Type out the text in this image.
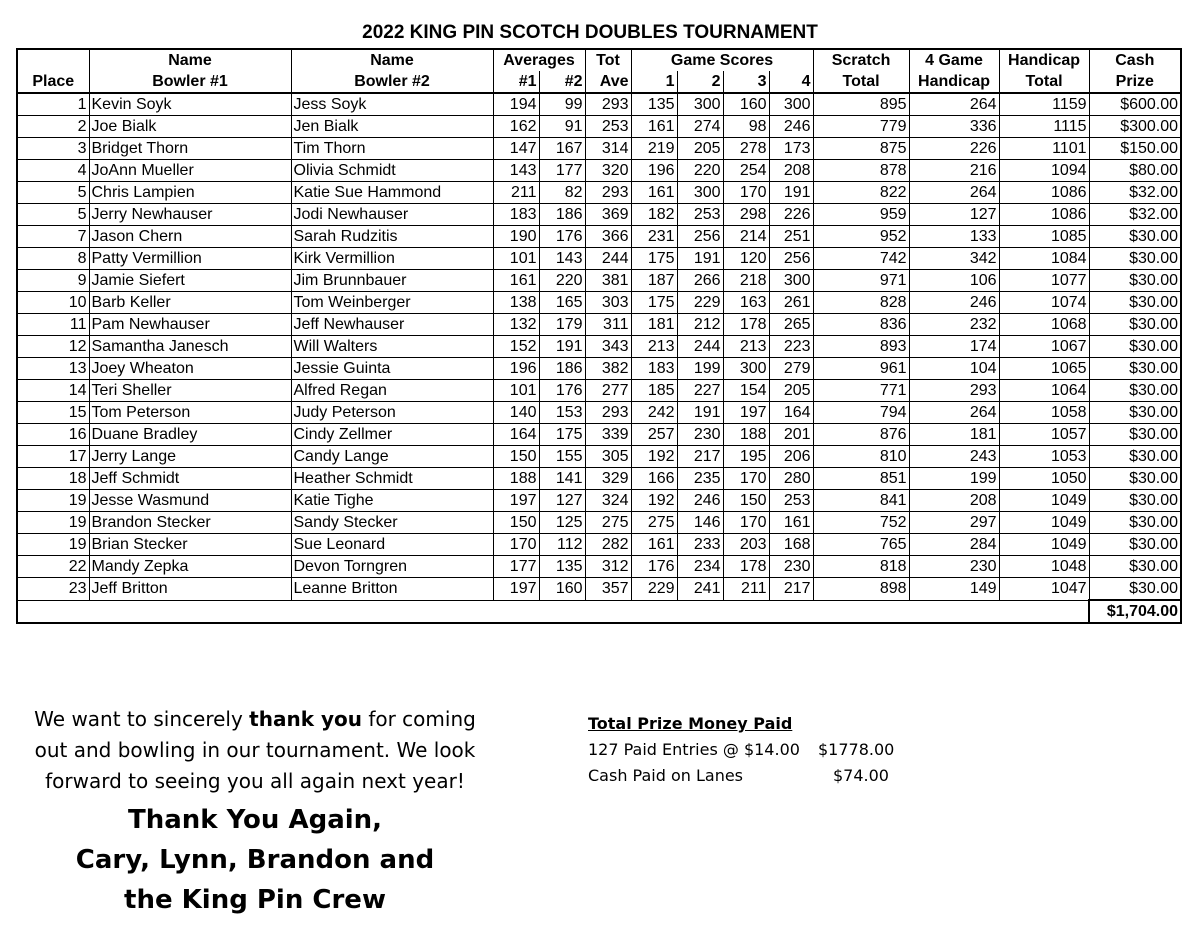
2022 KING PIN SCOTCH DOUBLES TOURNAMENT
	Name	Name	Averages		Tot	Game Scores				Scratch	4 Game	Handicap	Cash
Place	Bowler #1	Bowler #2	#1	#2	Ave	1	2	3	4	Total	Handicap	Total	Prize
1	Kevin Soyk	Jess Soyk	194	99	293	135	300	160	300	895	264	1159	$600.00
2	Joe Bialk	Jen Bialk	162	91	253	161	274	98	246	779	336	1115	$300.00
3	Bridget Thorn	Tim Thorn	147	167	314	219	205	278	173	875	226	1101	$150.00
4	JoAnn Mueller	Olivia Schmidt	143	177	320	196	220	254	208	878	216	1094	$80.00
5	Chris Lampien	Katie Sue Hammond	211	82	293	161	300	170	191	822	264	1086	$32.00
5	Jerry Newhauser	Jodi Newhauser	183	186	369	182	253	298	226	959	127	1086	$32.00
7	Jason Chern	Sarah Rudzitis	190	176	366	231	256	214	251	952	133	1085	$30.00
8	Patty Vermillion	Kirk Vermillion	101	143	244	175	191	120	256	742	342	1084	$30.00
9	Jamie Siefert	Jim Brunnbauer	161	220	381	187	266	218	300	971	106	1077	$30.00
10	Barb Keller	Tom Weinberger	138	165	303	175	229	163	261	828	246	1074	$30.00
11	Pam Newhauser	Jeff Newhauser	132	179	311	181	212	178	265	836	232	1068	$30.00
12	Samantha Janesch	Will Walters	152	191	343	213	244	213	223	893	174	1067	$30.00
13	Joey Wheaton	Jessie Guinta	196	186	382	183	199	300	279	961	104	1065	$30.00
14	Teri Sheller	Alfred Regan	101	176	277	185	227	154	205	771	293	1064	$30.00
15	Tom Peterson	Judy Peterson	140	153	293	242	191	197	164	794	264	1058	$30.00
16	Duane Bradley	Cindy Zellmer	164	175	339	257	230	188	201	876	181	1057	$30.00
17	Jerry Lange	Candy Lange	150	155	305	192	217	195	206	810	243	1053	$30.00
18	Jeff Schmidt	Heather Schmidt	188	141	329	166	235	170	280	851	199	1050	$30.00
19	Jesse Wasmund	Katie Tighe	197	127	324	192	246	150	253	841	208	1049	$30.00
19	Brandon Stecker	Sandy Stecker	150	125	275	275	146	170	161	752	297	1049	$30.00
19	Brian Stecker	Sue Leonard	170	112	282	161	233	203	168	765	284	1049	$30.00
22	Mandy Zepka	Devon Torngren	177	135	312	176	234	178	230	818	230	1048	$30.00
23	Jeff Britton	Leanne Britton	197	160	357	229	241	211	217	898	149	1047	$30.00
													$1,704.00
We want to sincerely thank you for coming
out and bowling in our tournament. We look
forward to seeing you all again next year!
Thank You Again,
Cary, Lynn, Brandon and
the King Pin Crew
Total Prize Money Paid
127 Paid Entries @ $14.00 $1778.00
Cash Paid on Lanes	$74.00
